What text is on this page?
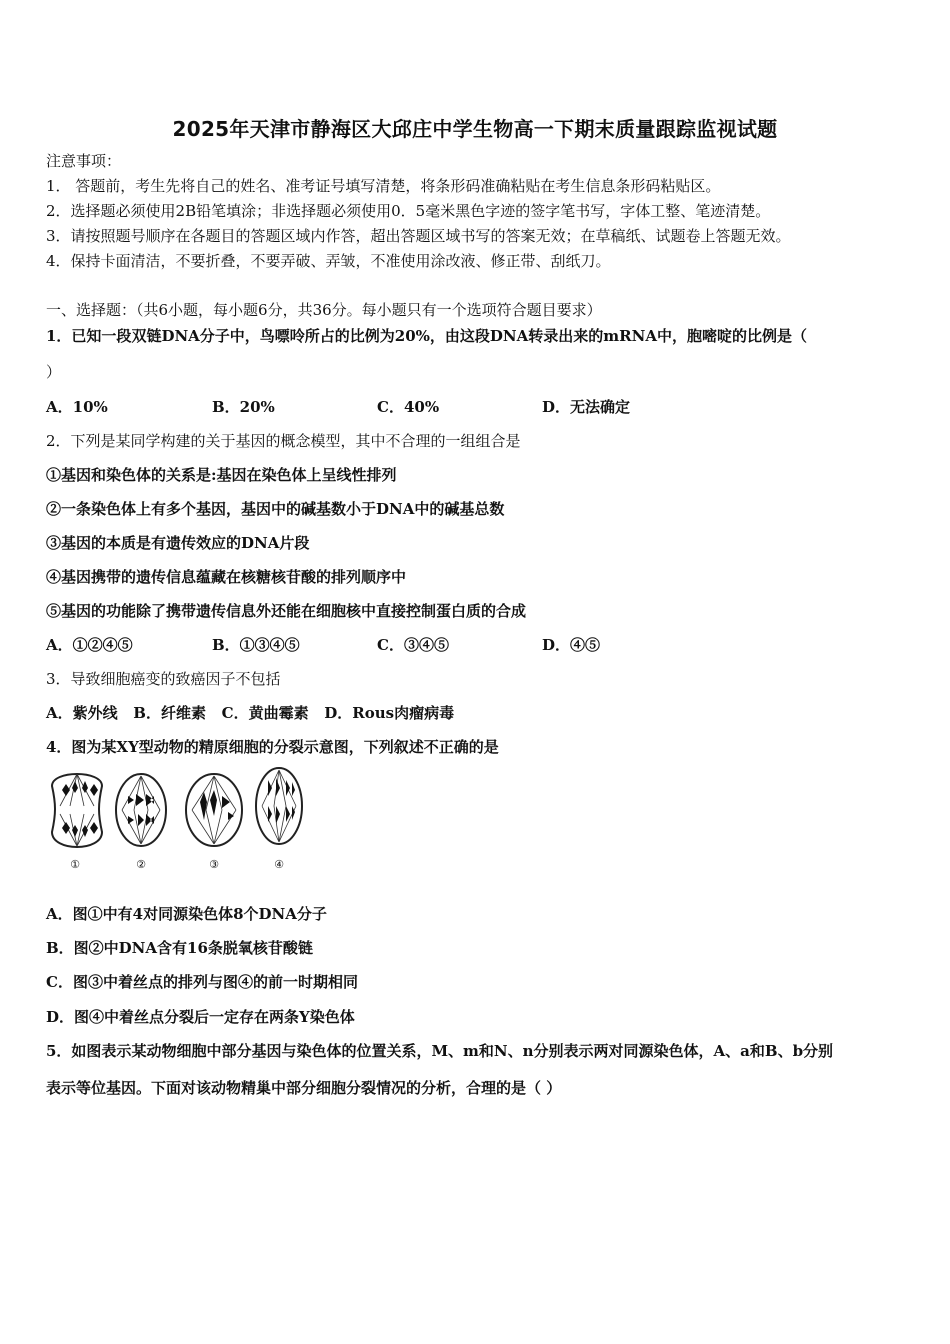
2025年天津市静海区大邱庄中学生物高一下期末质量跟踪监视试题
注意事项：
1． 答题前，考生先将自己的姓名、准考证号填写清楚，将条形码准确粘贴在考生信息条形码粘贴区。
2．选择题必须使用2B铅笔填涂；非选择题必须使用0．5毫米黑色字迹的签字笔书写，字体工整、笔迹清楚。
3．请按照题号顺序在各题目的答题区域内作答，超出答题区域书写的答案无效；在草稿纸、试题卷上答题无效。
4．保持卡面清洁，不要折叠，不要弄破、弄皱，不准使用涂改液、修正带、刮纸刀。
一、选择题：（共6小题，每小题6分，共36分。每小题只有一个选项符合题目要求）
1．已知一段双链DNA分子中，鸟嘌呤所占的比例为20%，由这段DNA转录出来的mRNA中，胞嘧啶的比例是（
）
A．10%	B．20%	C．40%	D．无法确定
2．下列是某同学构建的关于基因的概念模型，其中不合理的一组组合是
①基因和染色体的关系是:基因在染色体上呈线性排列
②一条染色体上有多个基因，基因中的碱基数小于DNA中的碱基总数
③基因的本质是有遗传效应的DNA片段
④基因携带的遗传信息蕴藏在核糖核苷酸的排列顺序中
⑤基因的功能除了携带遗传信息外还能在细胞核中直接控制蛋白质的合成
A．①②④⑤	B．①③④⑤	C．③④⑤	D．④⑤
3．导致细胞癌变的致癌因子不包括
A．紫外线   B．纤维素   C．黄曲霉素   D．Rous肉瘤病毒
4．图为某XY型动物的精原细胞的分裂示意图，下列叙述不正确的是
①	②	③	④
A．图①中有4对同源染色体8个DNA分子
B．图②中DNA含有16条脱氧核苷酸链
C．图③中着丝点的排列与图④的前一时期相同
D．图④中着丝点分裂后一定存在两条Y染色体
5．如图表示某动物细胞中部分基因与染色体的位置关系，M、m和N、n分别表示两对同源染色体，A、a和B、b分别
表示等位基因。下面对该动物精巢中部分细胞分裂情况的分析，合理的是（ ）
